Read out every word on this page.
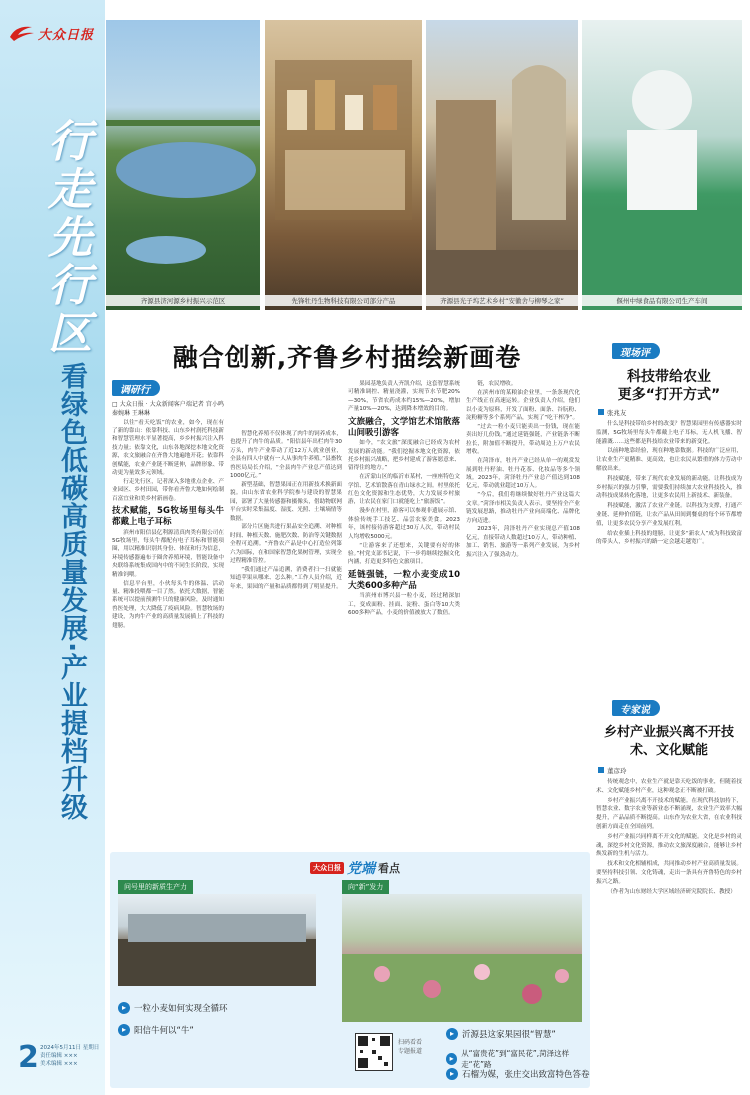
大众日报
行走先行区
看绿色低碳高质量发展·产业提档升级
2 2024年5月11日 星期日
责任编辑 ×××
美术编辑 ×××
齐源县济河源乡村振兴示范区	先锋牡丹生物科技有限公司部分产品	齐源县光子坞艺术乡村“安徽舍与柳琴之家”	偃州中绿食品有限公司生产车间
融合创新,齐鲁乡村描绘新画卷
调研行

□ 大众日报 · 大众新闻客户端记者 宫小鸣 秦婉琳 王琳琳

以往“看天吃饭”的农业，如今，现在有了新的靠山：依靠科技、山东乡村润托科技新和智慧管理水平显著提高，乡乡村振兴注入科技力量；依靠文化，山东各地深挖本地文化资源，农文旅融合在齐鲁大地遍地开花；依靠科创赋能，农业产业链不断延伸，品牌形象、带动更为量效多元领域。

行走先行区，记者深入多地重点企业、产业园区、乡村田园，带你看齐鲁大地如何绘制百富宜业和美乡村新画卷。

技术赋能，5G牧场里每头牛都戴上电子耳标

滨州市阳信县亿利源清真肉类有限公司在5G牧场里，每头牛都配有电子耳标和智能项圈，用以精准识别其身份、体征和行为信息，环境传感器遍布于圈舍养殖环境，智能设备中央联络系统集成国内中的不同生长阶段，实现精准饲喂。

信息平台里，小伙每头牛的体温、活动量、精准投喂都一目了然。依托大数据，智能系统可以提前预测牛只的健康风险，及时通知兽医处理，大大降低了疫病风险。智慧牧场的建设，为肉牛产业的高质量发展插上了科技的翅膀。

智慧化养殖不仅体现了肉牛的饲养成本，也提升了肉牛的品质。“阳信县年出栏肉牛30万头，肉牛产业带动了近12万人就业创业，全县有四人中就有一人从事肉牛养殖。”县畜牧兽医局局长介绍，“全县肉牛产业总产值达到1000亿元。”

新型基础，智慧果园正在用新技术换新面貌。由山东省农业科学院参与建设的智慧果园，部署了大量传感器和摄像头，借助物联网平台实时采集温度、湿度、光照、土壤墒情等数据。

部分片区施共进行果品安全追溯、对种植时间、种植天数、施肥次数、防治等关键数据全程可追溯。“齐鲁农产品是中心打造位列第六为国际，在和国家智慧化果树管理，实现全过程精准管控。

“我们通过产品追溯，消费者扫一扫就能知道苹果从哪来、怎么种。”工作人员介绍，近年来，果园的产量和品质都得到了明显提升。

果园基地负责人齐凯介绍，这套智慧系统可精准调控、精量浇灌，实现节水节肥20%—30%，节省农药成本约15%—20%，增加产量10%—20%，达到降本增效的目的。

文旅融合，文学馆艺术馆散落山间吸引游客

如今，“农文旅”深度融合已经成为农村发展的新动能。“我们挖掘本地文化资源，依托乡村振兴战略，把乡村建成了游客愿意来、留得住的地方。”

在沂蒙山区的临沂市某村，一座座特色文学馆、艺术馆散落在青山绿水之间。村里依托红色文化资源和生态优势，大力发展乡村旅游，让农民在家门口就能吃上“旅游饭”。

漫步在村里，游客可以参观非遗展示馆、体验传统手工技艺、品尝农家美食。2023年，该村接待游客超过30万人次，带动村民人均增收5000元。

“让游客来了还想来，关键要有好的体验。”村党支部书记说，下一步将继续挖掘文化内涵，打造更多特色文旅项目。

延链强链，一粒小麦变成10大类600多种产品

当滨州市博兴县一粒小麦，经过精深加工，变成面粉、挂面、淀粉、蛋白等10大类600多种产品，小麦的价值被放大了数倍。

链，农民增收。

在滨州市的某粮油企业里，一条条现代化生产线正在高速运转。企业负责人介绍，他们以小麦为原料，开发了面粉、面条、谷朊粉、淀粉糖等多个系列产品，实现了“吃干榨净”。

“过去一粒小麦只能卖出一份钱，现在能卖出好几份钱。”通过延链强链，产业链条不断拉长，附加值不断提升，带动周边上万户农民增收。

在菏泽市，牡丹产业已经从单一的观赏发展到牡丹籽油、牡丹花茶、化妆品等多个领域。2023年，菏泽牡丹产业总产值达到108亿元，带动就业超过10万人。

“今后，我们将继续做好牡丹产业这篇大文章。”菏泽市相关负责人表示，要坚持全产业链发展思路，推动牡丹产业向高端化、品牌化方向迈进。

2023年，菏泽牡丹产业实现总产值108亿元，直接带动人数超过10万人，带动种植、加工、销售、旅游等一系列产业发展，为乡村振兴注入了强劲动力。

现场评
科技带给农业
更多“打开方式”
张兆友

什么是科技带给乡村的改变？智慧果园里有传感器实时监测，5G牧场里每头牛都戴上电子耳标，无人机飞播、智能灌溉……这些都是科技给农业带来的新变化。

以前种地靠经验，现在种地靠数据。科技的广泛应用，让农业生产更精准、更高效，也让农民从繁重的体力劳动中解放出来。

科技赋能，带来了现代农业发展的新动能。让科技成为乡村振兴的强力引擎，需要我们持续加大农业科技投入，推动科技成果转化落地，让更多农民用上新技术、新装备。

科技赋能，激活了农业产业链。以科技为支撑，打通产业链、延伸价值链，让农产品从田间到餐桌的每个环节都增值，让更多农民分享产业发展红利。

给农业插上科技的翅膀，让更多“新农人”成为科技致富的带头人，乡村振兴的路一定会越走越宽广。

专家说
乡村产业振兴离不开技术、文化赋能
董彦玲

传统观念中，农业生产就是靠天吃饭的事业，但随着技术、文化赋能乡村产业，这种观念正不断被打破。

乡村产业振兴离不开技术的赋能。在现代科技加持下，智慧农业、数字农业等新业态不断涌现，农业生产效率大幅提升，产品品质不断提高。山东作为农业大省，在农业科技创新方面走在全国前列。

乡村产业振兴同样离不开文化的赋能。文化是乡村的灵魂，深挖乡村文化资源，推动农文旅深度融合，能够让乡村焕发新的生机与活力。

技术和文化相辅相成，共同推动乡村产业高质量发展。要坚持科技引领、文化铸魂，走出一条具有齐鲁特色的乡村振兴之路。

（作者为山东财经大学区域经济研究院院长、教授）

大众日报 党端 看点
问号里的新质生产力	向“新”发力
▸ 一粒小麦如何实现全循环
▸ 阳信牛何以“牛”
扫码看看
专题报道
▸ 沂源县这家果园很“智慧”
▸
从“富贵花”到“富民花”,菏泽这样走“花”路
▸ 石榴为媒，张庄交出致富特色答卷
